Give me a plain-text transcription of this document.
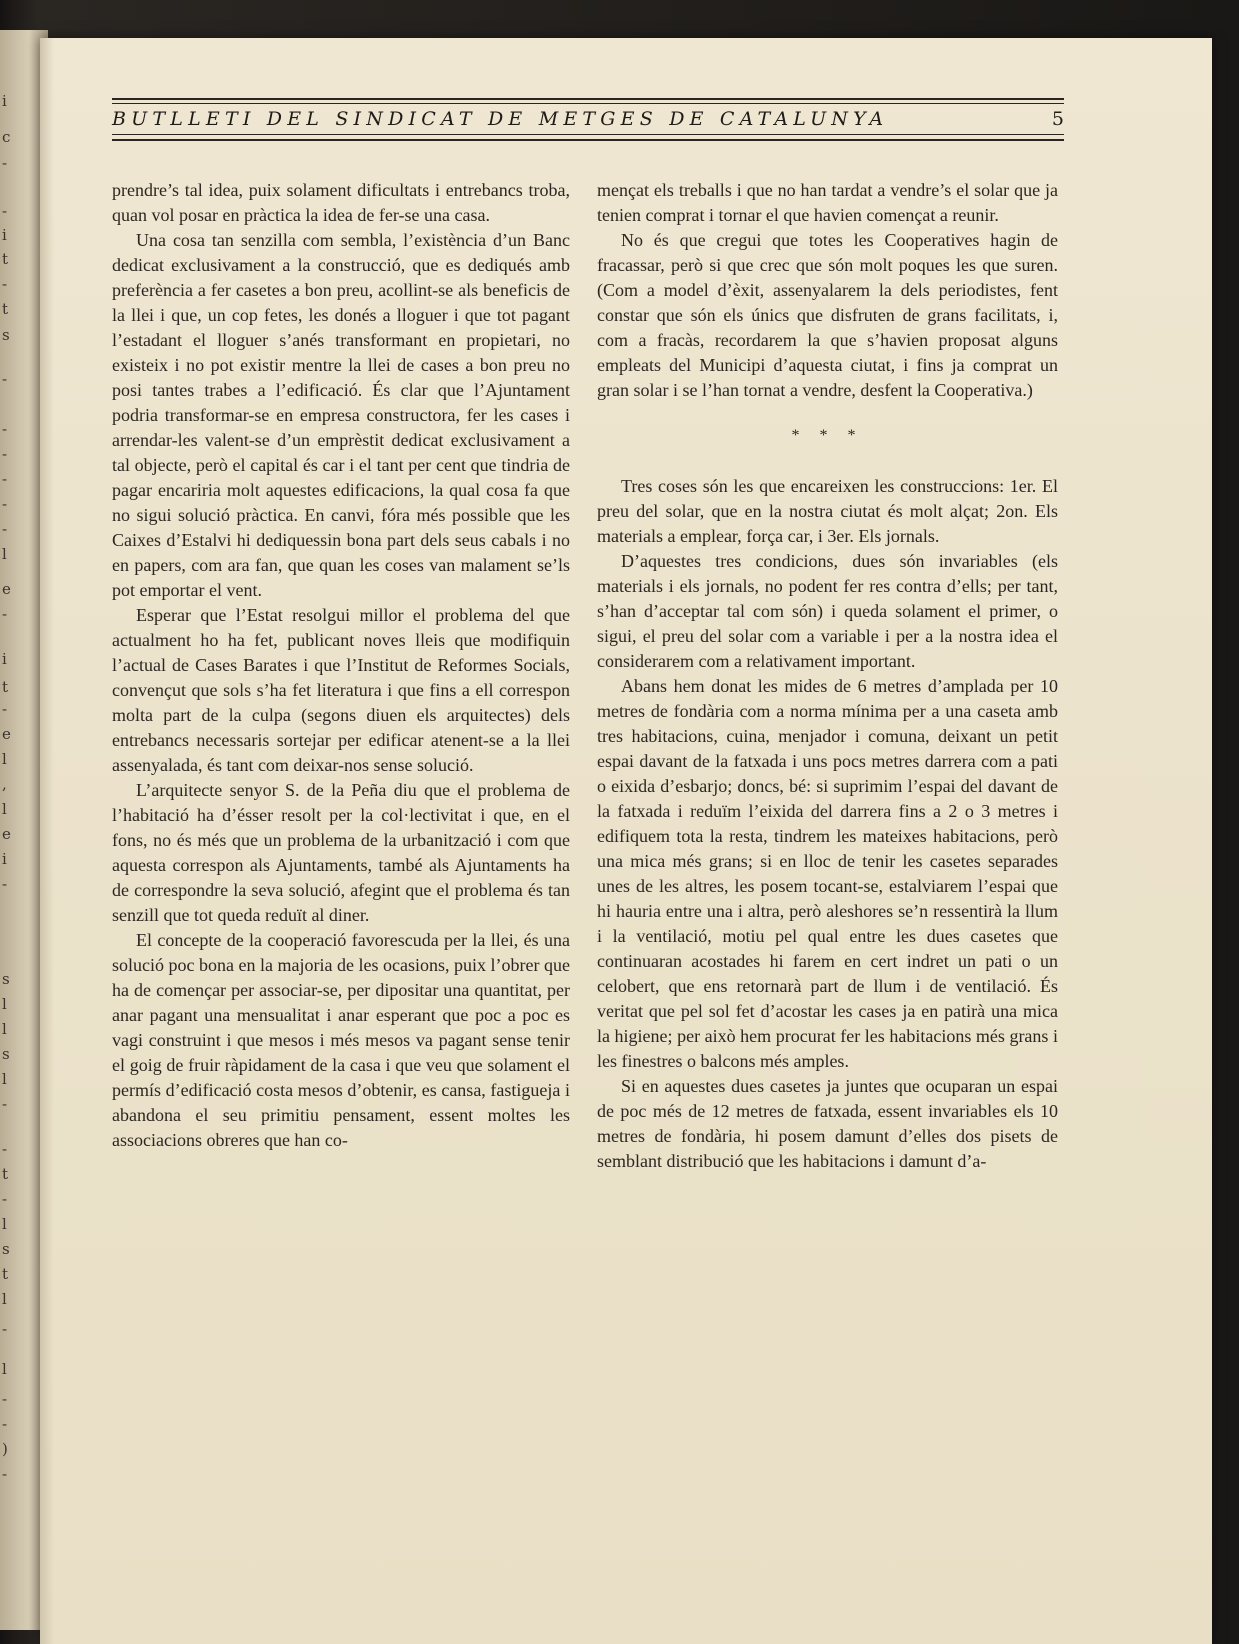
i
c
-
-
i
t
-
t
s
-
-
-
-
-
-
l
e
-
i
t
-
e
l
,
l
e
i
-
s
l
l
s
l
-
-
t
-
l
s
t
l
-
l
-
-
)
-
BUTLLETI DEL SINDICAT DE METGES DE CATALUNYA	5

prendre’s tal idea, puix solament dificultats i entrebancs troba, quan vol posar en pràctica la idea de fer-se una casa.

Una cosa tan senzilla com sembla, l’existència d’un Banc dedicat exclusivament a la construcció, que es dediqués amb preferència a fer casetes a bon preu, acollint-se als beneficis de la llei i que, un cop fetes, les donés a lloguer i que tot pagant l’estadant el lloguer s’anés transformant en propietari, no existeix i no pot existir mentre la llei de cases a bon preu no posi tantes trabes a l’edificació. És clar que l’Ajuntament podria transformar-se en empresa constructora, fer les cases i arrendar-les valent-se d’un emprèstit dedicat exclusivament a tal objecte, però el capital és car i el tant per cent que tindria de pagar encariria molt aquestes edificacions, la qual cosa fa que no sigui solució pràctica. En canvi, fóra més possible que les Caixes d’Estalvi hi dediquessin bona part dels seus cabals i no en papers, com ara fan, que quan les coses van malament se’ls pot emportar el vent.

Esperar que l’Estat resolgui millor el problema del que actualment ho ha fet, publicant noves lleis que modifiquin l’actual de Cases Barates i que l’Institut de Reformes Socials, convençut que sols s’ha fet literatura i que fins a ell correspon molta part de la culpa (segons diuen els arquitectes) dels entrebancs necessaris sortejar per edificar atenent-se a la llei assenyalada, és tant com deixar-nos sense solució.

L’arquitecte senyor S. de la Peña diu que el problema de l’habitació ha d’ésser resolt per la col·lectivitat i que, en el fons, no és més que un problema de la urbanització i com que aquesta correspon als Ajuntaments, també als Ajuntaments ha de correspondre la seva solució, afegint que el problema és tan senzill que tot queda reduït al diner.

El concepte de la cooperació favorescuda per la llei, és una solució poc bona en la majoria de les ocasions, puix l’obrer que ha de començar per associar-se, per dipositar una quantitat, per anar pagant una mensualitat i anar esperant que poc a poc es vagi construint i que mesos i més mesos va pagant sense tenir el goig de fruir ràpidament de la casa i que veu que solament el permís d’edificació costa mesos d’obtenir, es cansa, fastigueja i abandona el seu primitiu pensament, essent moltes les associacions obreres que han co-

mençat els treballs i que no han tardat a vendre’s el solar que ja tenien comprat i tornar el que havien començat a reunir.

No és que cregui que totes les Cooperatives hagin de fracassar, però si que crec que són molt poques les que suren. (Com a model d’èxit, assenyalarem la dels periodistes, fent constar que són els únics que disfruten de grans facilitats, i, com a fracàs, recordarem la que s’havien proposat alguns empleats del Municipi d’aquesta ciutat, i fins ja comprat un gran solar i se l’han tornat a vendre, desfent la Cooperativa.)

* * *

Tres coses són les que encareixen les construccions: 1er. El preu del solar, que en la nostra ciutat és molt alçat; 2on. Els materials a emplear, força car, i 3er. Els jornals.

D’aquestes tres condicions, dues són invariables (els materials i els jornals, no podent fer res contra d’ells; per tant, s’han d’acceptar tal com són) i queda solament el primer, o sigui, el preu del solar com a variable i per a la nostra idea el considerarem com a relativament important.

Abans hem donat les mides de 6 metres d’amplada per 10 metres de fondària com a norma mínima per a una caseta amb tres habitacions, cuina, menjador i comuna, deixant un petit espai davant de la fatxada i uns pocs metres darrera com a pati o eixida d’esbarjo; doncs, bé: si suprimim l’espai del davant de la fatxada i reduïm l’eixida del darrera fins a 2 o 3 metres i edifiquem tota la resta, tindrem les mateixes habitacions, però una mica més grans; si en lloc de tenir les casetes separades unes de les altres, les posem tocant-se, estalviarem l’espai que hi hauria entre una i altra, però aleshores se’n ressentirà la llum i la ventilació, motiu pel qual entre les dues casetes que continuaran acostades hi farem en cert indret un pati o un celobert, que ens retornarà part de llum i de ventilació. És veritat que pel sol fet d’acostar les cases ja en patirà una mica la higiene; per això hem procurat fer les habitacions més grans i les finestres o balcons més amples.

Si en aquestes dues casetes ja juntes que ocuparan un espai de poc més de 12 metres de fatxada, essent invariables els 10 metres de fondària, hi posem damunt d’elles dos pisets de semblant distribució que les habitacions i damunt d’a-
